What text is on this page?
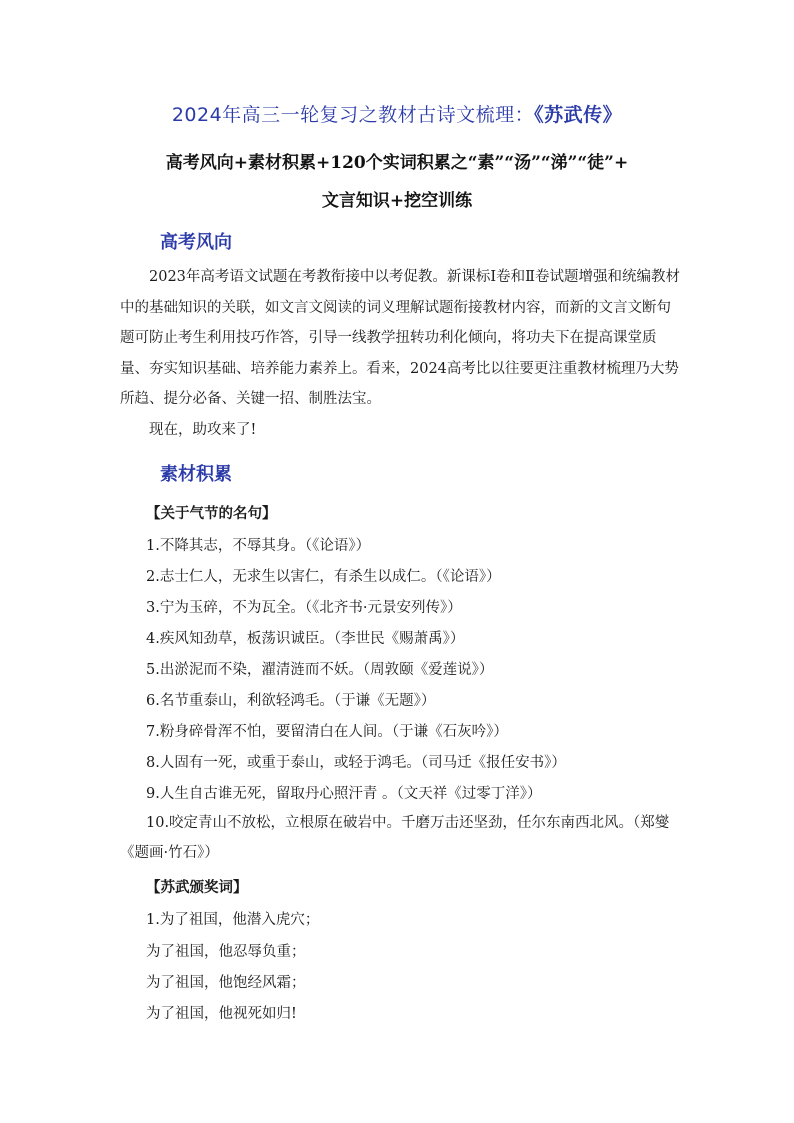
2024年高三一轮复习之教材古诗文梳理：《苏武传》
高考风向+素材积累+120个实词积累之“素”“汤”“涕”“徒”+
文言知识+挖空训练
高考风向

2023年高考语文试题在考教衔接中以考促教。新课标Ⅰ卷和Ⅱ卷试题增强和统编教材中的基础知识的关联，如文言文阅读的词义理解试题衔接教材内容，而新的文言文断句题可防止考生利用技巧作答，引导一线教学扭转功利化倾向，将功夫下在提高课堂质量、夯实知识基础、培养能力素养上。看来，2024高考比以往要更注重教材梳理乃大势所趋、提分必备、关键一招、制胜法宝。

现在，助攻来了!

素材积累
【关于气节的名句】
1.不降其志，不辱其身。（《论语》）
2.志士仁人，无求生以害仁，有杀生以成仁。（《论语》）
3.宁为玉碎，不为瓦全。（《北齐书·元景安列传》）
4.疾风知劲草，板荡识诚臣。（李世民《赐萧禹》）
5.出淤泥而不染，濯清涟而不妖。（周敦颐《爱莲说》）
6.名节重泰山，利欲轻鸿毛。（于谦《无题》）
7.粉身碎骨浑不怕，要留清白在人间。（于谦《石灰吟》）
8.人固有一死，或重于泰山，或轻于鸿毛。（司马迁《报任安书》）
9.人生自古谁无死，留取丹心照汗青 。（文天祥《过零丁洋》）
10.咬定青山不放松，立根原在破岩中。千磨万击还坚劲，任尔东南西北风。（郑燮《题画·竹石》）
【苏武颁奖词】
1.为了祖国，他潜入虎穴；
为了祖国，他忍辱负重；
为了祖国，他饱经风霜；
为了祖国，他视死如归!
